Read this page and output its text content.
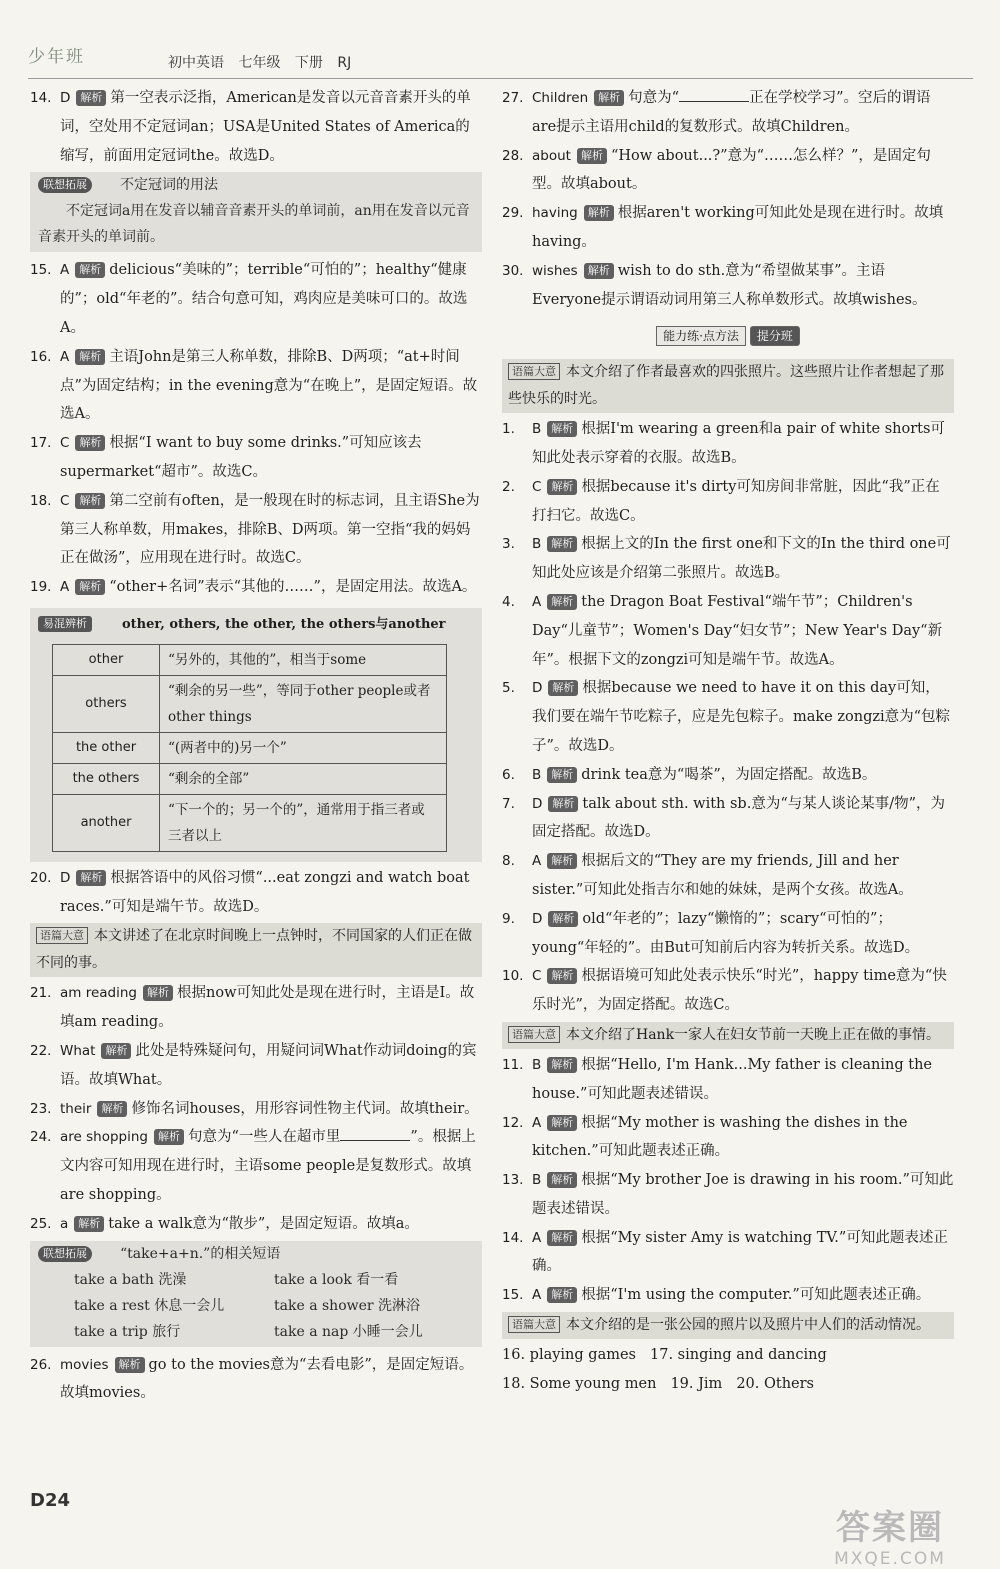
少年班	初中英语 七年级 下册 RJ
14. D 解析 第一空表示泛指，American是发音以元音音素开头的单词，空处用不定冠词an；USA是United States of America的缩写，前面用定冠词the。故选D。
联想拓展 不定冠词的用法
不定冠词a用在发音以辅音音素开头的单词前，an用在发音以元音音素开头的单词前。
15. A 解析 delicious“美味的”；terrible“可怕的”；healthy“健康的”；old“年老的”。结合句意可知，鸡肉应是美味可口的。故选A。
16. A 解析 主语John是第三人称单数，排除B、D两项；“at+时间点”为固定结构；in the evening意为“在晚上”，是固定短语。故选A。
17. C 解析 根据“I want to buy some drinks.”可知应该去supermarket“超市”。故选C。
18. C 解析 第二空前有often，是一般现在时的标志词，且主语She为第三人称单数，用makes，排除B、D两项。第一空指“我的妈妈正在做汤”，应用现在进行时。故选C。
19. A 解析 “other+名词”表示“其他的……”，是固定用法。故选A。
易混辨析	other, others, the other, the others与another
other	“另外的，其他的”，相当于some
others	“剩余的另一些”，等同于other people或者other things
the other	“(两者中的)另一个”
the others	“剩余的全部”
another	“下一个的；另一个的”，通常用于指三者或三者以上
20. D 解析 根据答语中的风俗习惯“...eat zongzi and watch boat races.”可知是端午节。故选D。
语篇大意 本文讲述了在北京时间晚上一点钟时，不同国家的人们正在做不同的事。
21. am reading 解析 根据now可知此处是现在进行时，主语是I。故填am reading。
22. What 解析 此处是特殊疑问句，用疑问词What作动词doing的宾语。故填What。
23. their 解析 修饰名词houses，用形容词性物主代词。故填their。
24. are shopping 解析 句意为“一些人在超市里	”。根据上文内容可知用现在进行时，主语some people是复数形式。故填are shopping。
25. a 解析 take a walk意为“散步”，是固定短语。故填a。
联想拓展 “take+a+n.”的相关短语
take a bath 洗澡	take a look 看一看
take a rest 休息一会儿	take a shower 洗淋浴
take a trip 旅行	take a nap 小睡一会儿
26. movies 解析 go to the movies意为“去看电影”，是固定短语。故填movies。
27. Children 解析 句意为“	正在学校学习”。空后的谓语are提示主语用child的复数形式。故填Children。
28. about 解析 “How about...?”意为“……怎么样？”，是固定句型。故填about。
29. having 解析 根据aren't working可知此处是现在进行时。故填having。
30. wishes 解析 wish to do sth.意为“希望做某事”。主语Everyone提示谓语动词用第三人称单数形式。故填wishes。
能力练·点方法 提分班
语篇大意 本文介绍了作者最喜欢的四张照片。这些照片让作者想起了那些快乐的时光。
1. B 解析 根据I'm wearing a green和a pair of white shorts可知此处表示穿着的衣服。故选B。
2. C 解析 根据because it's dirty可知房间非常脏，因此“我”正在打扫它。故选C。
3. B 解析 根据上文的In the first one和下文的In the third one可知此处应该是介绍第二张照片。故选B。
4. A 解析 the Dragon Boat Festival“端午节”；Children's Day“儿童节”；Women's Day“妇女节”；New Year's Day“新年”。根据下文的zongzi可知是端午节。故选A。
5. D 解析 根据because we need to have it on this day可知，我们要在端午节吃粽子，应是先包粽子。make zongzi意为“包粽子”。故选D。
6. B 解析 drink tea意为“喝茶”，为固定搭配。故选B。
7. D 解析 talk about sth. with sb.意为“与某人谈论某事/物”，为固定搭配。故选D。
8. A 解析 根据后文的“They are my friends, Jill and her sister.”可知此处指吉尔和她的妹妹，是两个女孩。故选A。
9. D 解析 old“年老的”；lazy“懒惰的”；scary“可怕的”；young“年轻的”。由But可知前后内容为转折关系。故选D。
10. C 解析 根据语境可知此处表示快乐“时光”，happy time意为“快乐时光”，为固定搭配。故选C。
语篇大意 本文介绍了Hank一家人在妇女节前一天晚上正在做的事情。
11. B 解析 根据“Hello, I'm Hank...My father is cleaning the house.”可知此题表述错误。
12. A 解析 根据“My mother is washing the dishes in the kitchen.”可知此题表述正确。
13. B 解析 根据“My brother Joe is drawing in his room.”可知此题表述错误。
14. A 解析 根据“My sister Amy is watching TV.”可知此题表述正确。
15. A 解析 根据“I'm using the computer.”可知此题表述正确。
语篇大意 本文介绍的是一张公园的照片以及照片中人们的活动情况。
16. playing games 17. singing and dancing
18. Some young men 19. Jim 20. Others
D24
答案圈
MXQE.COM
